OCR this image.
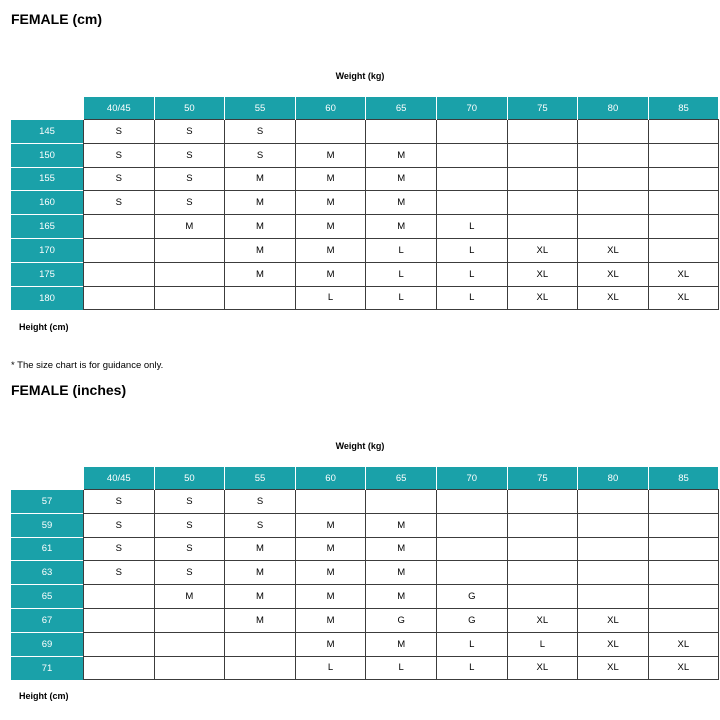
FEMALE (cm)
Weight (kg)
	40/45	50	55	60	65	70	75	80	85
145	S	S	S						
150	S	S	S	M	M				
155	S	S	M	M	M				
160	S	S	M	M	M				
165		M	M	M	M	L			
170			M	M	L	L	XL	XL	
175			M	M	L	L	XL	XL	XL
180				L	L	L	XL	XL	XL
Height (cm)
* The size chart is for guidance only.
FEMALE (inches)
Weight (kg)
	40/45	50	55	60	65	70	75	80	85
57	S	S	S						
59	S	S	S	M	M				
61	S	S	M	M	M				
63	S	S	M	M	M				
65		M	M	M	M	G			
67			M	M	G	G	XL	XL	
69				M	M	L	L	XL	XL
71				L	L	L	XL	XL	XL
Height (cm)
